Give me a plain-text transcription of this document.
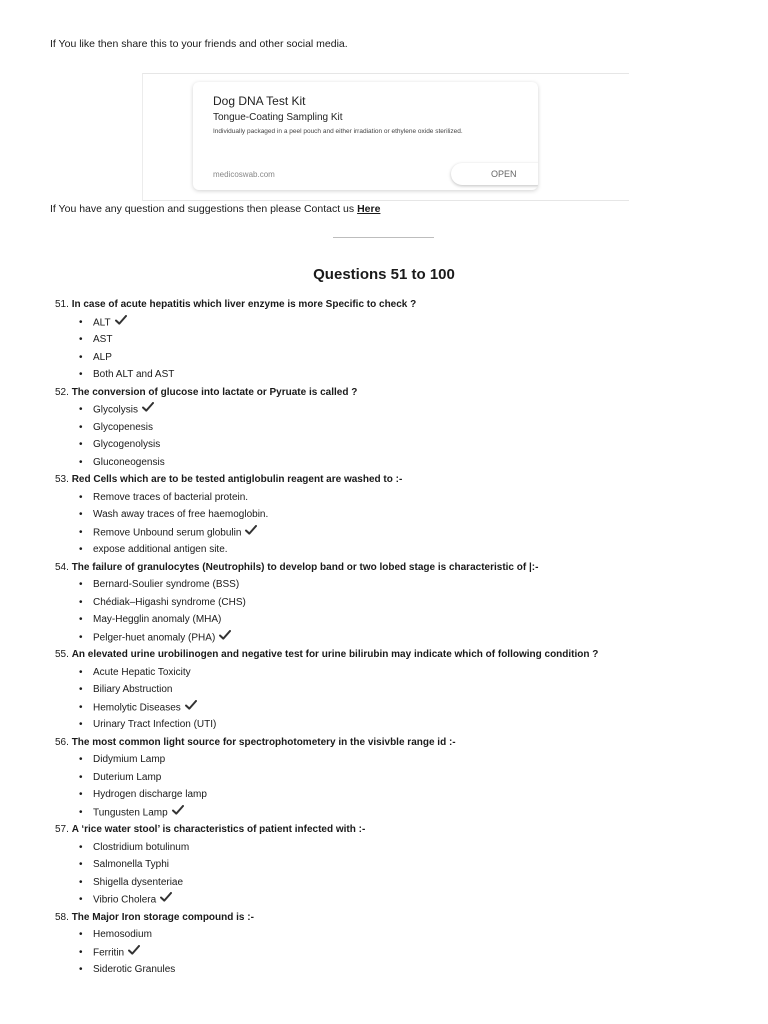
If You like then share this to your friends and other social media.
Dog DNA Test Kit
Tongue-Coating Sampling Kit
Individually packaged in a peel pouch and either irradiation or ethylene oxide sterilized.
medicoswab.com	OPEN
If You have any question and suggestions then please Contact us Here
Questions 51 to 100
51. In case of acute hepatitis which liver enzyme is more Specific to check ?
• ALT
• AST
• ALP
• Both ALT and AST
52. The conversion of glucose into lactate or Pyruate is called ?
• Glycolysis
• Glycopenesis
• Glycogenolysis
• Gluconeogensis
53. Red Cells which are to be tested antiglobulin reagent are washed to :-
• Remove traces of bacterial protein.
• Wash away traces of free haemoglobin.
• Remove Unbound serum globulin
• expose additional antigen site.
54. The failure of granulocytes (Neutrophils) to develop band or two lobed stage is characteristic of |:-
• Bernard-Soulier syndrome (BSS)
• Chédiak–Higashi syndrome (CHS)
• May-Hegglin anomaly (MHA)
• Pelger-huet anomaly (PHA)
55. An elevated urine urobilinogen and negative test for urine bilirubin may indicate which of following condition ?
• Acute Hepatic Toxicity
• Biliary Abstruction
• Hemolytic Diseases
• Urinary Tract Infection (UTI)
56. The most common light source for spectrophotometery in the visivble range id :-
• Didymium Lamp
• Duterium Lamp
• Hydrogen discharge lamp
• Tungusten Lamp
57. A ‘rice water stool’ is characteristics of patient infected with :-
• Clostridium botulinum
• Salmonella Typhi
• Shigella dysenteriae
• Vibrio Cholera
58. The Major Iron storage compound is :-
• Hemosodium
• Ferritin
• Siderotic Granules
